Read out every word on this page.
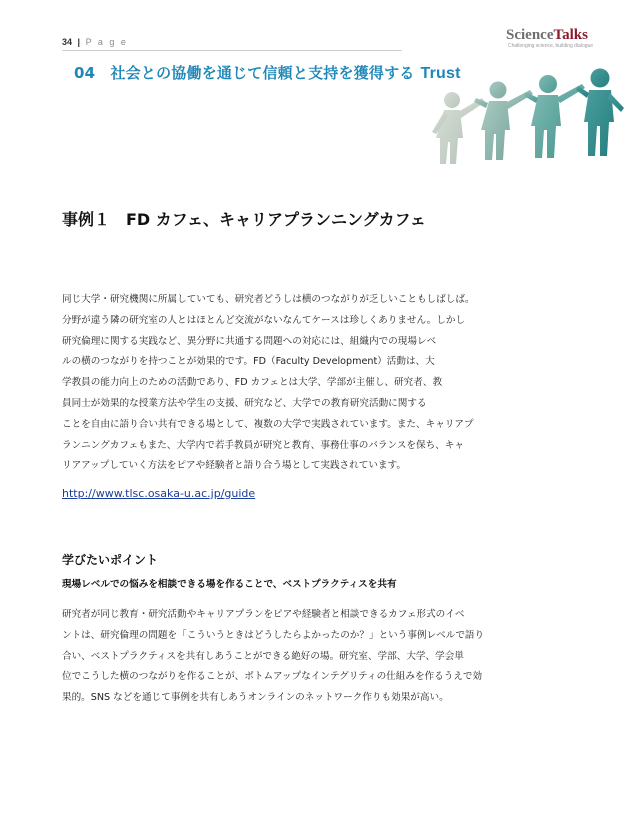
34 | P a g e	ScienceTalks
Challenging science, building dialogue
04　社会との協働を通じて信頼と支持を獲得する Trust
事例１　FD カフェ、キャリアプランニングカフェ
同じ大学・研究機関に所属していても、研究者どうしは横のつながりが乏しいこともしばしば。
分野が違う隣の研究室の人とはほとんど交流がないなんてケースは珍しくありません。しかし
研究倫理に関する実践など、異分野に共通する問題への対応には、組織内での現場レベ
ルの横のつながりを持つことが効果的です。FD（Faculty Development）活動は、大
学教員の能力向上のための活動であり、FD カフェとは大学、学部が主催し、研究者、教
員同士が効果的な授業方法や学生の支援、研究など、大学での教育研究活動に関する
ことを自由に語り合い共有できる場として、複数の大学で実践されています。また、キャリアプ
ランニングカフェもまた、大学内で若手教員が研究と教育、事務仕事のバランスを保ち、キャ
リアアップしていく方法をピアや経験者と語り合う場として実践されています。
http://www.tlsc.osaka-u.ac.jp/guide
学びたいポイント
現場レベルでの悩みを相談できる場を作ることで、ベストプラクティスを共有
研究者が同じ教育・研究活動やキャリアプランをピアや経験者と相談できるカフェ形式のイベ
ントは、研究倫理の問題を「こういうときはどうしたらよかったのか？」という事例レベルで語り
合い、ベストプラクティスを共有しあうことができる絶好の場。研究室、学部、大学、学会単
位でこうした横のつながりを作ることが、ボトムアップなインテグリティの仕組みを作るうえで効
果的。SNS などを通じて事例を共有しあうオンラインのネットワーク作りも効果が高い。
